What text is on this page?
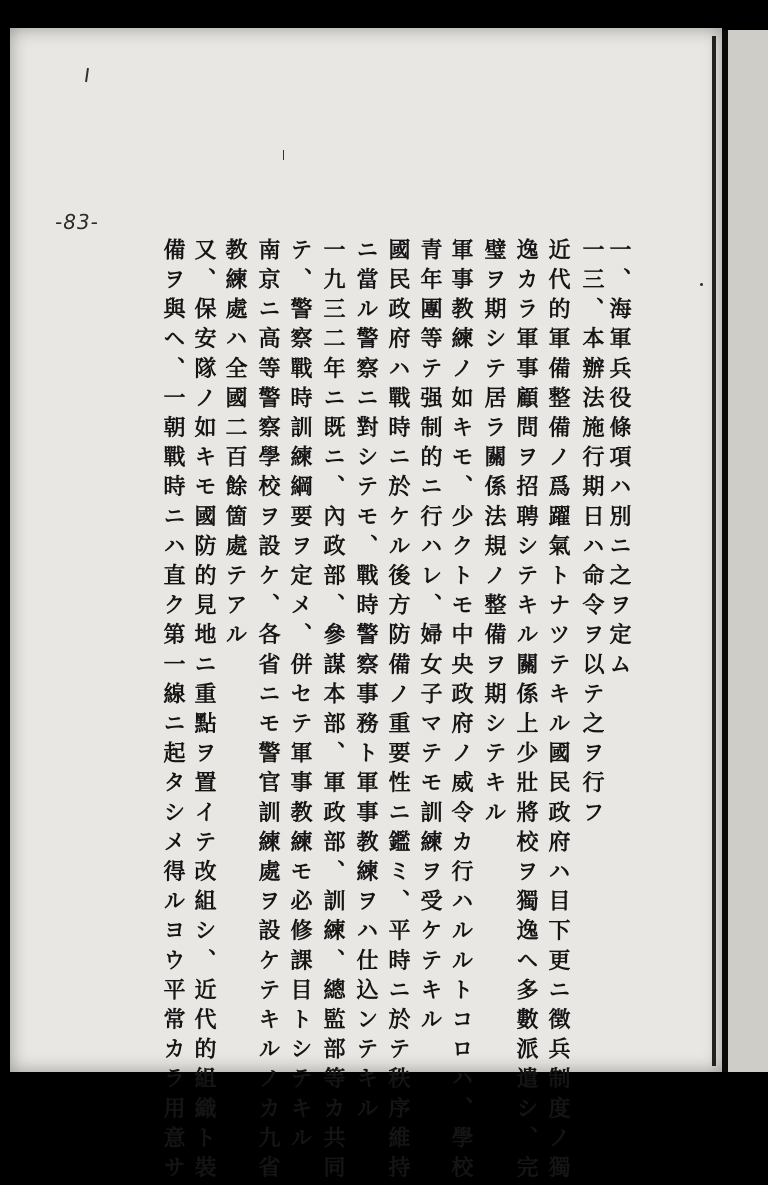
-83-
一、海軍兵役條項ハ別ニ之ヲ定ム
一三、本辦法施行期日ハ命令ヲ以テ之ヲ行フ
近代的軍備整備ノ爲躍氣トナツテキル國民政府ハ目下更ニ徴兵制度ノ獨
逸カラ軍事顧問ヲ招聘シテキル關係上少壯將校ヲ獨逸ヘ多數派遣シ、完
璧ヲ期シテ居ラ關係法規ノ整備ヲ期シテキル
軍事教練ノ如キモ、少クトモ中央政府ノ威令カ行ハルルトコロハ、學校
青年團等テ强制的ニ行ハレ、婦女子マテモ訓練ヲ受ケテキル
國民政府ハ戰時ニ於ケル後方防備ノ重要性ニ鑑ミ、平時ニ於テ秩序維持
ニ當ル警察ニ對シテモ、戰時警察事務ト軍事教練ヲハ仕込ンテキル
一九三二年ニ既ニ、內政部、參謀本部、軍政部、訓練、總監部等カ共同
テ、警察戰時訓練綱要ヲ定メ、併セテ軍事教練モ必修課目トシテキル
南京ニ高等警察學校ヲ設ケ、各省ニモ警官訓練處ヲ設ケテキルノカ九省
教練處ハ全國二百餘箇處テアル
又、保安隊ノ如キモ國防的見地ニ重點ヲ置イテ改組シ、近代的組織ト裝
備ヲ與ヘ、一朝戰時ニハ直ク第一線ニ起タシメ得ルヨウ平常カラ用意サ
